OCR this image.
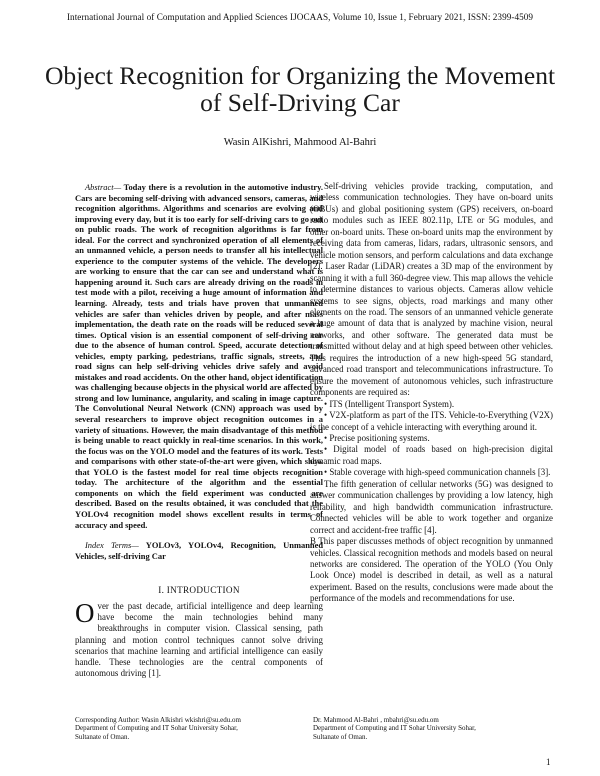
International Journal of Computation and Applied Sciences IJOCAAS, Volume 10, Issue 1, February 2021, ISSN: 2399-4509
Object Recognition for Organizing the Movement of Self-Driving Car
Wasin AlKishri, Mahmood Al-Bahri

Abstract— Today there is a revolution in the automotive industry. Cars are becoming self-driving with advanced sensors, cameras, and recognition algorithms. Algorithms and scenarios are evolving and improving every day, but it is too early for self-driving cars to go out on public roads. The work of recognition algorithms is far from ideal. For the correct and synchronized operation of all elements of an unmanned vehicle, a person needs to transfer all his intellectual experience to the computer systems of the vehicle. The developers are working to ensure that the car can see and understand what is happening around it. Such cars are already driving on the roads in test mode with a pilot, receiving a huge amount of information and learning. Already, tests and trials have proven that unmanned vehicles are safer than vehicles driven by people, and after mass implementation, the death rate on the roads will be reduced several times. Optical vision is an essential component of self-driving car due to the absence of human control. Speed, accurate detection of vehicles, empty parking, pedestrians, traffic signals, streets, and road signs can help self-driving vehicles drive safely and avoid mistakes and road accidents. On the other hand, object identification was challenging because objects in the physical world are affected by strong and low luminance, angularity, and scaling in image capture. The Convolutional Neural Network (CNN) approach was used by several researchers to improve object recognition outcomes in a variety of situations. However, the main disadvantage of this method is being unable to react quickly in real-time scenarios. In this work, the focus was on the YOLO model and the features of its work. Tests and comparisons with other state-of-the-art were given, which show that YOLO is the fastest model for real time objects recognition today. The architecture of the algorithm and the essential components on which the field experiment was conducted are described. Based on the results obtained, it was concluded that the YOLOv4 recognition model shows excellent results in terms of accuracy and speed.

Index Terms— YOLOv3, YOLOv4, Recognition, Unmanned Vehicles, self-driving Car

I. INTRODUCTION

Over the past decade, artificial intelligence and deep learning have become the main technologies behind many breakthroughs in computer vision. Classical sensing, path planning and motion control techniques cannot solve driving scenarios that machine learning and artificial intelligence can easily handle. These technologies are the central components of autonomous driving [1].

Self-driving vehicles provide tracking, computation, and wireless communication technologies. They have on-board units (OBUs) and global positioning system (GPS) receivers, on-board radio modules such as IEEE 802.11p, LTE or 5G modules, and other on-board units. These on-board units map the environment by receiving data from cameras, lidars, radars, ultrasonic sensors, and vehicle motion sensors, and perform calculations and data exchange [2]. Laser Radar (LiDAR) creates a 3D map of the environment by scanning it with a full 360-degree view. This map allows the vehicle to determine distances to various objects. Cameras allow vehicle systems to see signs, objects, road markings and many other elements on the road. The sensors of an unmanned vehicle generate a huge amount of data that is analyzed by machine vision, neural networks, and other software. The generated data must be transmitted without delay and at high speed between other vehicles. This requires the introduction of a new high-speed 5G standard, advanced road transport and telecommunications infrastructure. To ensure the movement of autonomous vehicles, such infrastructure components are required as:

• ITS (Intelligent Transport System).

• V2X-platform as part of the ITS. Vehicle-to-Everything (V2X) is the concept of a vehicle interacting with everything around it.

• Precise positioning systems.

• Digital model of roads based on high-precision digital dynamic road maps.

• Stable coverage with high-speed communication channels [3].

The fifth generation of cellular networks (5G) was designed to answer communication challenges by providing a low latency, high reliability, and high bandwidth communication infrastructure. Connected vehicles will be able to work together and organize correct and accident-free traffic [4].

B This paper discusses methods of object recognition by unmanned vehicles. Classical recognition methods and models based on neural networks are considered. The operation of the YOLO (You Only Look Once) model is described in detail, as well as a natural experiment. Based on the results, conclusions were made about the performance of the models and recommendations for use.

Corresponding Author: Wasin Alkishri wkishri@su.edu.om
Department of Computing and IT Sohar University Sohar,
Sultanate of Oman.
Dr. Mahmood Al-Bahri , mbahri@su.edu.om
Department of Computing and IT Sohar University Sohar,
Sultanate of Oman.
1
